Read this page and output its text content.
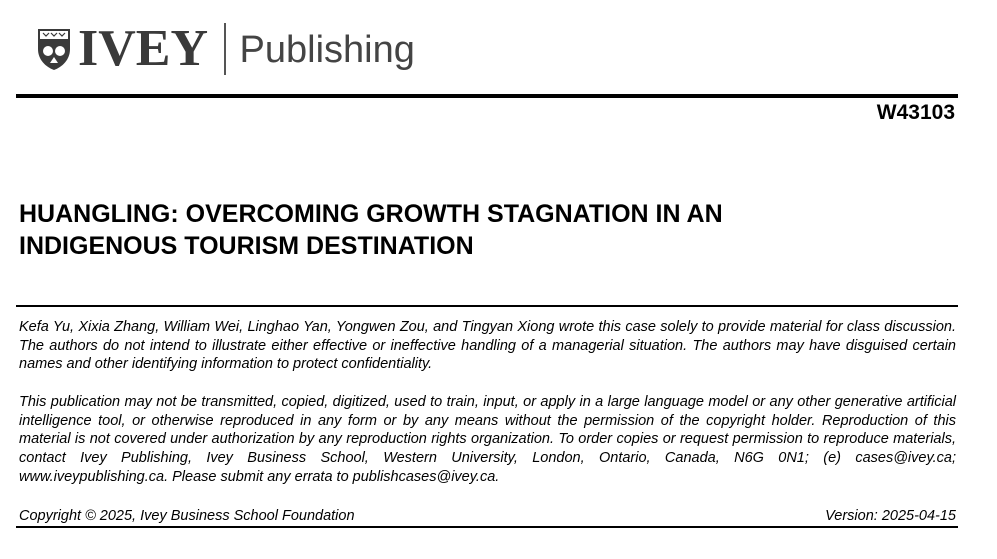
IVEY Publishing
W43103
HUANGLING: OVERCOMING GROWTH STAGNATION IN AN
INDIGENOUS TOURISM DESTINATION
Kefa Yu, Xixia Zhang, William Wei, Linghao Yan, Yongwen Zou, and Tingyan Xiong wrote this case solely to provide material for class discussion. The authors do not intend to illustrate either effective or ineffective handling of a managerial situation. The authors may have disguised certain names and other identifying information to protect confidentiality.
This publication may not be transmitted, copied, digitized, used to train, input, or apply in a large language model or any other generative artificial intelligence tool, or otherwise reproduced in any form or by any means without the permission of the copyright holder. Reproduction of this material is not covered under authorization by any reproduction rights organization. To order copies or request permission to reproduce materials, contact Ivey Publishing, Ivey Business School, Western University, London, Ontario, Canada, N6G 0N1; (e) cases@ivey.ca; www.iveypublishing.ca. Please submit any errata to publishcases@ivey.ca.
Copyright © 2025, Ivey Business School Foundation	Version: 2025-04-15
